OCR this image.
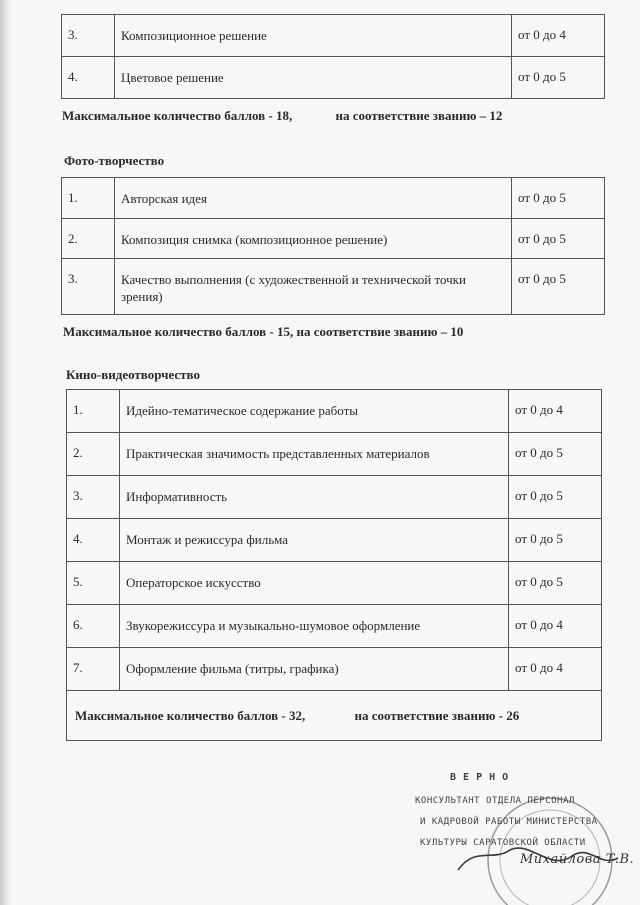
3.	Композиционное решение	от 0 до 4
4.	Цветовое решение	от 0 до 5
Максимальное количество баллов - 18,	на соответствие званию – 12
Фото-творчество
1.	Авторская идея	от 0 до 5
2.	Композиция снимка (композиционное решение)	от 0 до 5
3.	Качество выполнения (с художественной и технической точки зрения)	от 0 до 5
Максимальное количество баллов - 15, на соответствие званию – 10
Кино-видеотворчество
1.	Идейно-тематическое содержание работы	от 0 до 4
2.	Практическая значимость представленных материалов	от 0 до 5
3.	Информативность	от 0 до 5
4.	Монтаж и режиссура фильма	от 0 до 5
5.	Операторское искусство	от 0 до 5
6.	Звукорежиссура и музыкально-шумовое оформление	от 0 до 4
7.	Оформление фильма (титры, графика)	от 0 до 4
Максимальное количество баллов - 32, на соответствие званию - 26		
В Е Р Н О
КОНСУЛЬТАНТ ОТДЕЛА ПЕРСОНАЛ
И КАДРОВОЙ РАБОТЫ МИНИСТЕРСТВА
КУЛЬТУРЫ САРАТОВСКОЙ ОБЛАСТИ
Михайлова Т.В.
